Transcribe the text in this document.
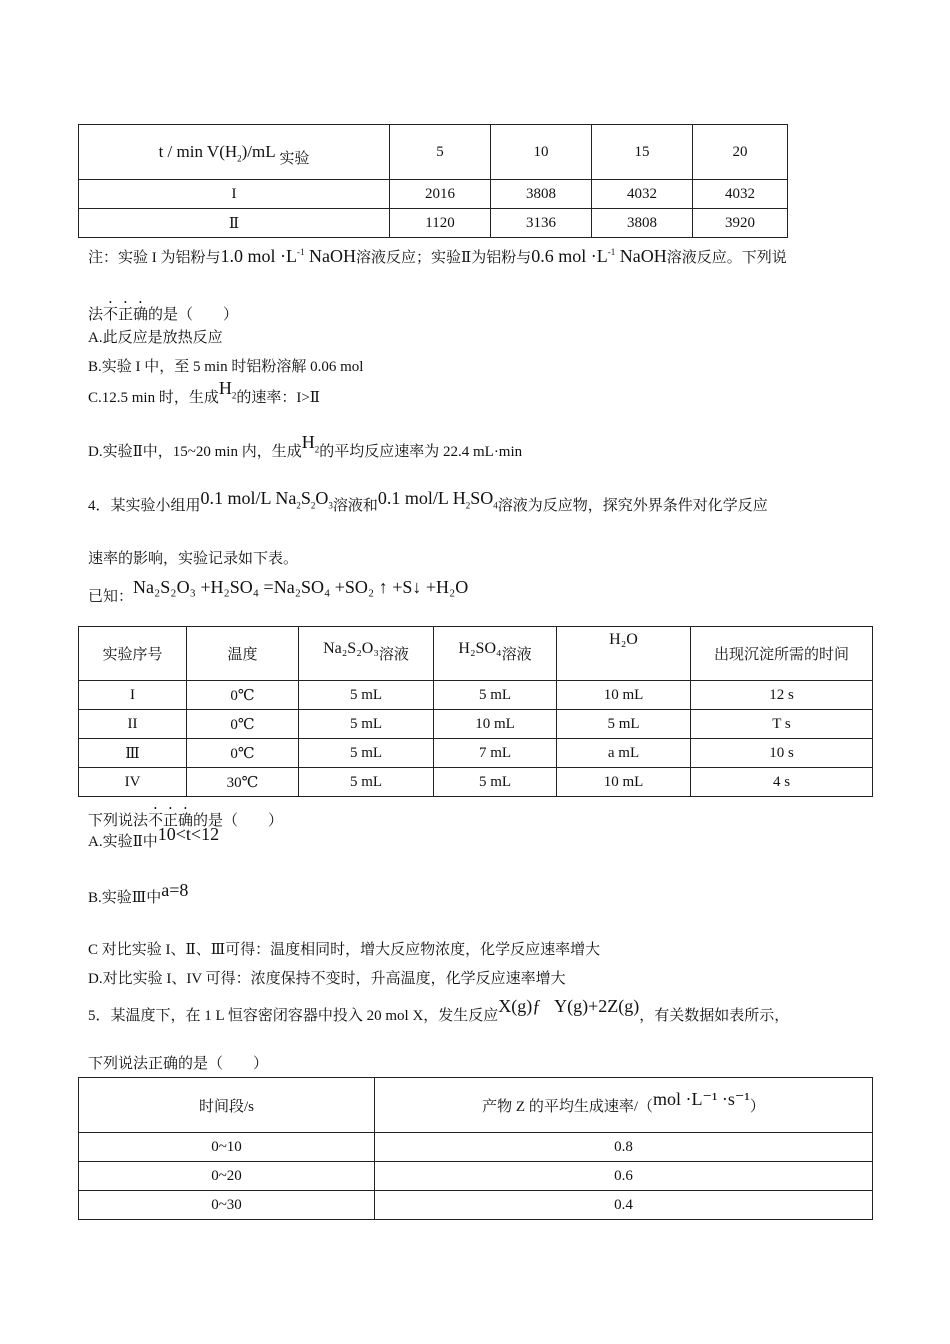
t / $\min V(H_2)/mL$ 实验	5	10	15	20
I	2016	3808	4032	4032
Ⅱ	1120	3136	3808	3920
注：实验 I 为铝粉与1.0 mol $\cdot L^{-1}$ NaOH溶液反应；实验Ⅱ为铝粉与0.6 mol $\cdot L^{-1}$ NaOH溶液反应。下列说
法不正确的是（　　）
A.此反应是放热反应
B.实验 I 中，至 5 min 时铝粉溶解 0.06 mol
C.12.5 min 时，生成$H_2$的速率：I>Ⅱ
D.实验Ⅱ中，15~20 min 内，生成$H_2$的平均反应速率为 22.4 mL·min
4．某实验小组用0.1 mol/L $Na_2S_2O_3$溶液和0.1 mol/L $H_2SO_4$溶液为反应物，探究外界条件对化学反应
速率的影响，实验记录如下表。
已知：Na₂S₂O₃ +H₂SO₄ =Na₂SO₄ +SO₂ ↑ +S↓ +H₂O
实验序号	温度	Na₂S₂O₃溶液	H₂SO₄溶液	H₂O	出现沉淀所需的时间
I	0℃	5 mL	5 mL	10 mL	12 s
II	0℃	5 mL	10 mL	5 mL	T s
Ⅲ	0℃	5 mL	7 mL	a mL	10 s
IV	30℃	5 mL	5 mL	10 mL	4 s
下列说法不正确的是（　　）
A.实验Ⅱ中10<t<12
B.实验Ⅲ中a=8
C 对比实验 I、Ⅱ、Ⅲ可得：温度相同时，增大反应物浓度，化学反应速率增大
D.对比实验 I、IV 可得：浓度保持不变时，升高温度，化学反应速率增大
5．某温度下，在 1 L 恒容密闭容器中投入 20 mol X，发生反应X(g)ƒ   Y(g)+2Z(g)，有关数据如表所示，
下列说法正确的是（　　）
时间段/s	产物 Z 的平均生成速率/（mol ·L⁻¹ ·s⁻¹）
0~10	0.8
0~20	0.6
0~30	0.4
